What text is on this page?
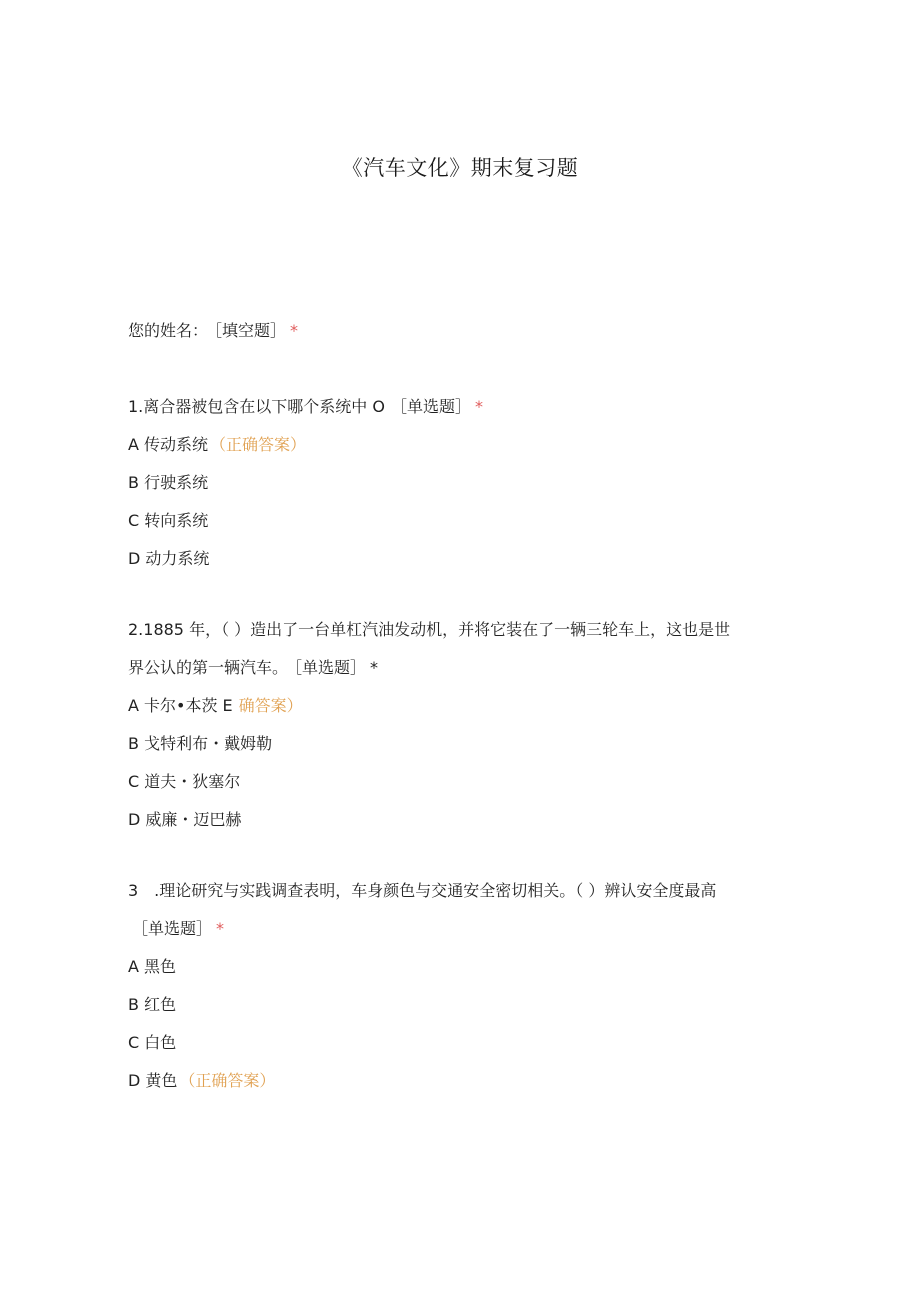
《汽车文化》期末复习题
您的姓名： ［填空题］ *
1.离合器被包含在以下哪个系统中 O ［单选题］ *
A 传动系统 （正确答案）
B 行驶系统
C 转向系统
D 动力系统
2.1885 年，（ ）造出了一台单杠汽油发动机，并将它装在了一辆三轮车上，这也是世
界公认的第一辆汽车。 ［单选题］ *
A 卡尔•本茨 E 确答案）
B 戈特利布・戴姆勒
C 道夫・狄塞尔
D 威廉・迈巴赫
3　.理论研究与实践调查表明，车身颜色与交通安全密切相关。（ ）辨认安全度最高
［单选题］ *
A 黑色
B 红色
C 白色
D 黄色 （正确答案）
